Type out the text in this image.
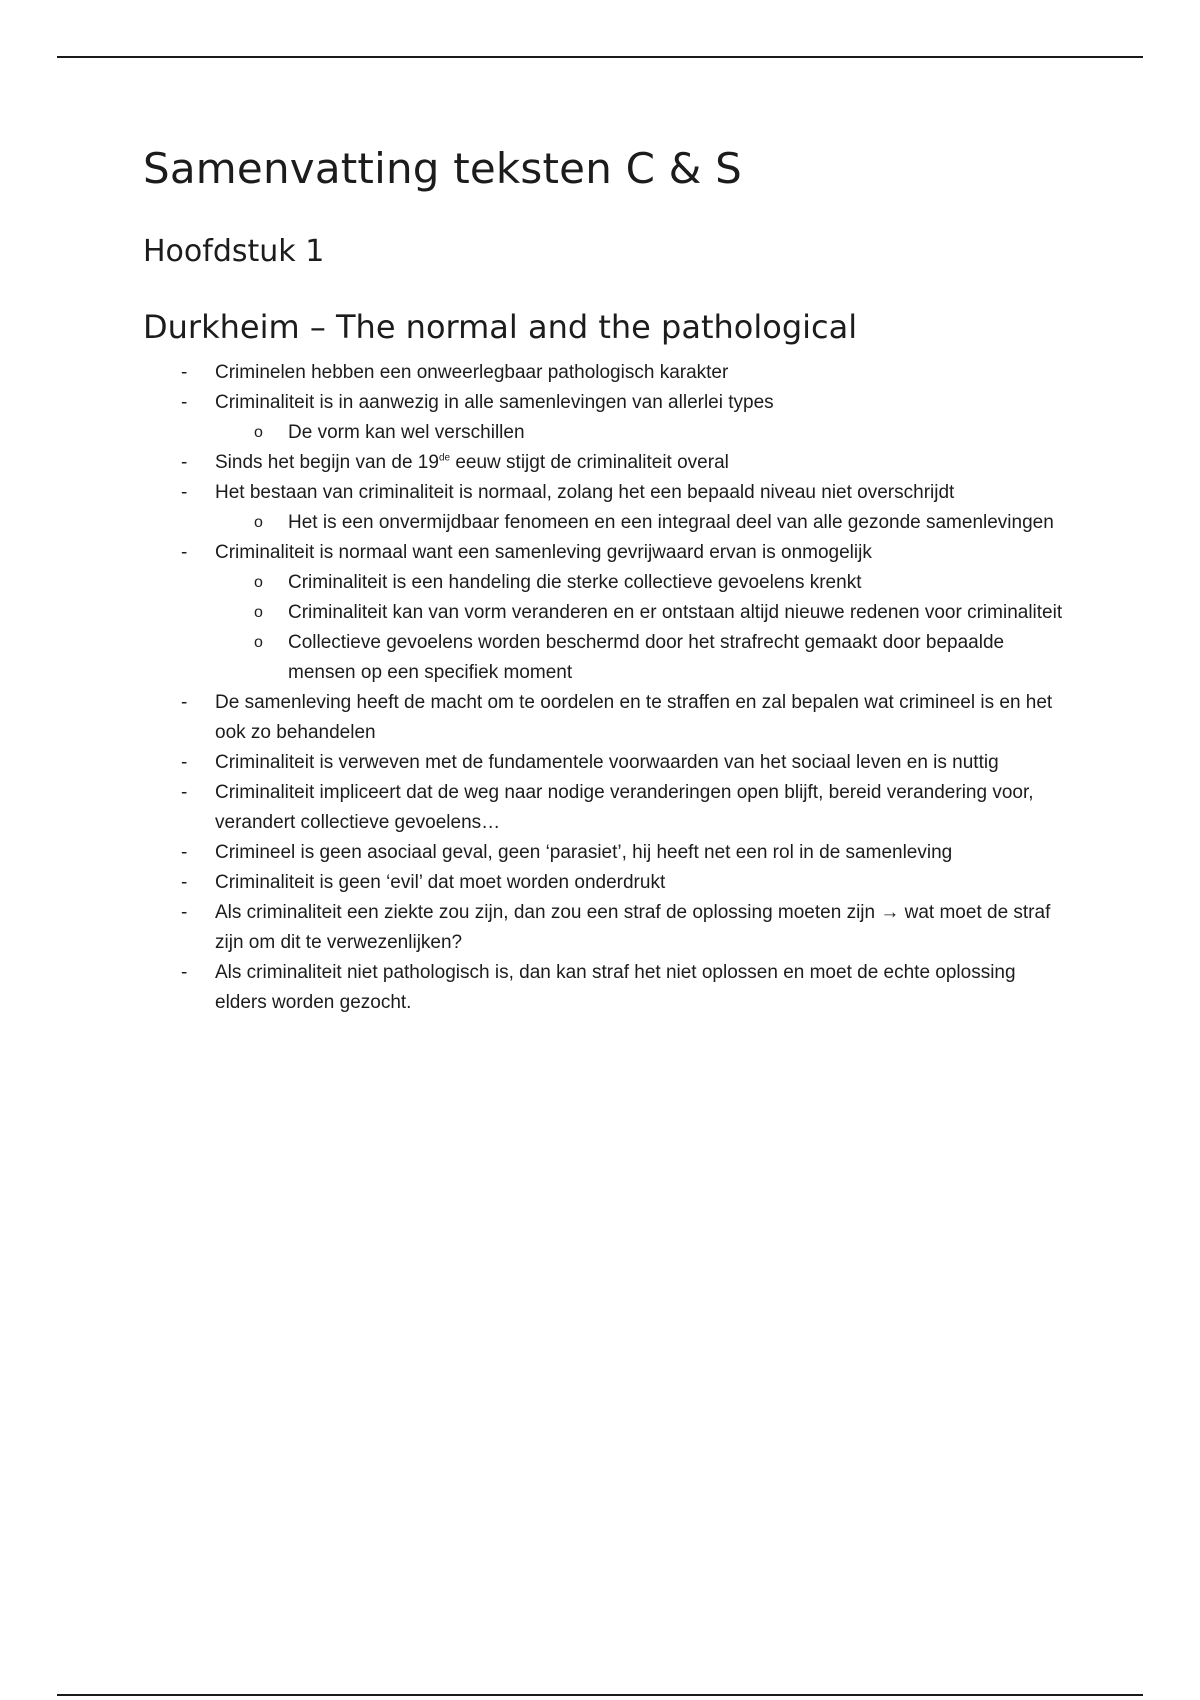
Samenvatting teksten C & S
Hoofdstuk 1
Durkheim – The normal and the pathological
- Criminelen hebben een onweerlegbaar pathologisch karakter
- Criminaliteit is in aanwezig in alle samenlevingen van allerlei types
o De vorm kan wel verschillen
- Sinds het begijn van de 19de eeuw stijgt de criminaliteit overal
- Het bestaan van criminaliteit is normaal, zolang het een bepaald niveau niet overschrijdt
o Het is een onvermijdbaar fenomeen en een integraal deel van alle gezonde samenlevingen
- Criminaliteit is normaal want een samenleving gevrijwaard ervan is onmogelijk
o Criminaliteit is een handeling die sterke collectieve gevoelens krenkt
o Criminaliteit kan van vorm veranderen en er ontstaan altijd nieuwe redenen voor criminaliteit
o Collectieve gevoelens worden beschermd door het strafrecht gemaakt door bepaalde mensen op een specifiek moment
- De samenleving heeft de macht om te oordelen en te straffen en zal bepalen wat crimineel is en het ook zo behandelen
- Criminaliteit is verweven met de fundamentele voorwaarden van het sociaal leven en is nuttig
- Criminaliteit impliceert dat de weg naar nodige veranderingen open blijft, bereid verandering voor, verandert collectieve gevoelens…
- Crimineel is geen asociaal geval, geen ‘parasiet’, hij heeft net een rol in de samenleving
- Criminaliteit is geen ‘evil’ dat moet worden onderdrukt
- Als criminaliteit een ziekte zou zijn, dan zou een straf de oplossing moeten zijn → wat moet de straf zijn om dit te verwezenlijken?
- Als criminaliteit niet pathologisch is, dan kan straf het niet oplossen en moet de echte oplossing elders worden gezocht.
